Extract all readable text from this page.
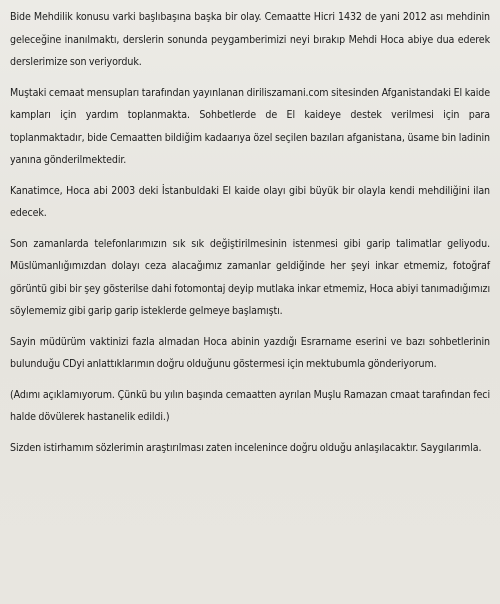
Bide Mehdilik konusu varki başlıbaşına başka bir olay. Cemaatte Hicri 1432 de yani 2012 ası mehdinin geleceğine inanılmaktı, derslerin sonunda peygamberimizi neyi bırakıp Mehdi Hoca abiye dua ederek derslerimize son veriyorduk.

Muştaki cemaat mensupları tarafından yayınlanan diriliszamani.com sitesinden Afganistandaki El kaide kampları için yardım toplanmakta. Sohbetlerde de El kaideye destek verilmesi için para toplanmaktadır, bide Cemaatten bildiğim kadaarıya özel seçilen bazıları afganistana, üsame bin ladinin yanına gönderilmektedir.

Kanatimce, Hoca abi 2003 deki İstanbuldaki El kaide olayı gibi büyük bir olayla kendi mehdiliğini ilan edecek.

Son zamanlarda telefonlarımızın sık sık değiştirilmesinin istenmesi gibi garip talimatlar geliyodu. Müslümanlığımızdan dolayı ceza alacağımız zamanlar geldiğinde her şeyi inkar etmemiz, fotoğraf görüntü gibi bir şey gösterilse dahi fotomontaj deyip mutlaka inkar etmemiz, Hoca abiyi tanımadığımızı söylememiz gibi garip garip isteklerde gelmeye başlamıştı.

Sayin müdürüm vaktinizi fazla almadan Hoca abinin yazdığı Esrarname eserini ve bazı sohbetlerinin bulunduğu CDyi anlattıklarımın doğru olduğunu göstermesi için mektubumla gönderiyorum.

(Adımı açıklamıyorum. Çünkü bu yılın başında cemaatten ayrılan Muşlu Ramazan cmaat tarafından feci halde dövülerek hastanelik edildi.)

Sizden istirhamım sözlerimin araştırılması zaten incelenince doğru olduğu anlaşılacaktır. Saygılarımla.
